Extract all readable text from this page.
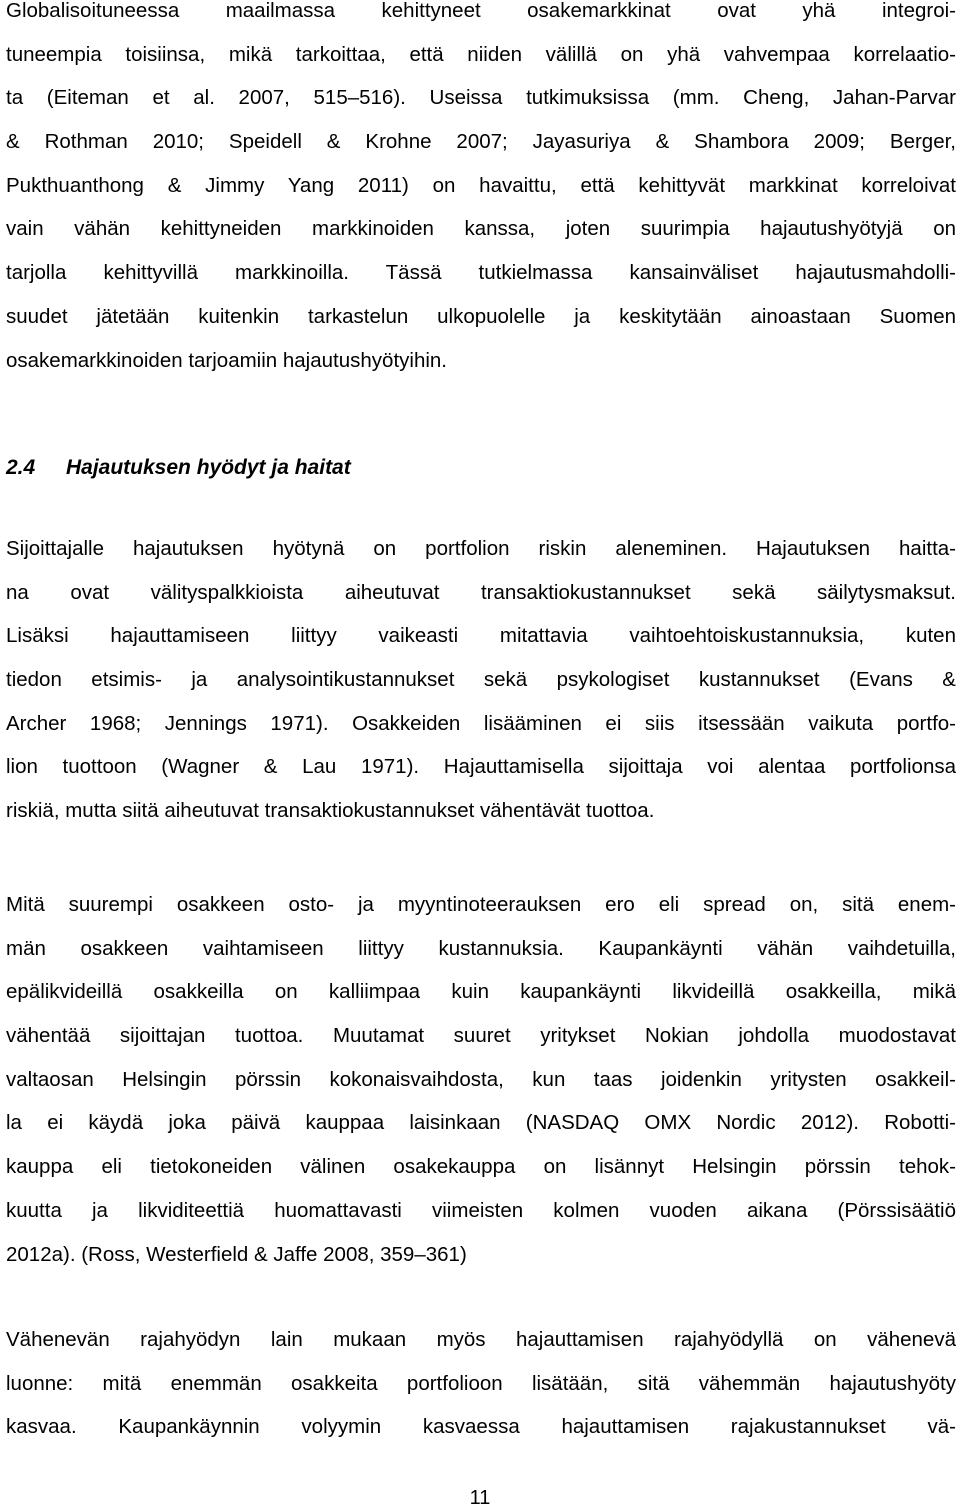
Globalisoituneessa maailmassa kehittyneet osakemarkkinat ovat yhä integroi-
tuneempia toisiinsa, mikä tarkoittaa, että niiden välillä on yhä vahvempaa korrelaatio-
ta (Eiteman et al. 2007, 515–516). Useissa tutkimuksissa (mm. Cheng, Jahan-Parvar
& Rothman 2010; Speidell & Krohne 2007; Jayasuriya & Shambora 2009; Berger,
Pukthuanthong & Jimmy Yang 2011) on havaittu, että kehittyvät markkinat korreloivat
vain vähän kehittyneiden markkinoiden kanssa, joten suurimpia hajautushyötyjä on
tarjolla kehittyvillä markkinoilla. Tässä tutkielmassa kansainväliset hajautusmahdolli-
suudet jätetään kuitenkin tarkastelun ulkopuolelle ja keskitytään ainoastaan Suomen
osakemarkkinoiden tarjoamiin hajautushyötyihin.
2.4 Hajautuksen hyödyt ja haitat
Sijoittajalle hajautuksen hyötynä on portfolion riskin aleneminen. Hajautuksen haitta-
na ovat välityspalkkioista aiheutuvat transaktiokustannukset sekä säilytysmaksut.
Lisäksi hajauttamiseen liittyy vaikeasti mitattavia vaihtoehtoiskustannuksia, kuten
tiedon etsimis- ja analysointikustannukset sekä psykologiset kustannukset (Evans &
Archer 1968; Jennings 1971). Osakkeiden lisääminen ei siis itsessään vaikuta portfo-
lion tuottoon (Wagner & Lau 1971). Hajauttamisella sijoittaja voi alentaa portfolionsa
riskiä, mutta siitä aiheutuvat transaktiokustannukset vähentävät tuottoa.
Mitä suurempi osakkeen osto- ja myyntinoteerauksen ero eli spread on, sitä enem-
män osakkeen vaihtamiseen liittyy kustannuksia. Kaupankäynti vähän vaihdetuilla,
epälikvideillä osakkeilla on kalliimpaa kuin kaupankäynti likvideillä osakkeilla, mikä
vähentää sijoittajan tuottoa. Muutamat suuret yritykset Nokian johdolla muodostavat
valtaosan Helsingin pörssin kokonaisvaihdosta, kun taas joidenkin yritysten osakkeil-
la ei käydä joka päivä kauppaa laisinkaan (NASDAQ OMX Nordic 2012). Robotti-
kauppa eli tietokoneiden välinen osakekauppa on lisännyt Helsingin pörssin tehok-
kuutta ja likviditeettiä huomattavasti viimeisten kolmen vuoden aikana (Pörssisäätiö
2012a). (Ross, Westerfield & Jaffe 2008, 359–361)
Vähenevän rajahyödyn lain mukaan myös hajauttamisen rajahyödyllä on vähenevä
luonne: mitä enemmän osakkeita portfolioon lisätään, sitä vähemmän hajautushyöty
kasvaa. Kaupankäynnin volyymin kasvaessa hajauttamisen rajakustannukset vä-
11
